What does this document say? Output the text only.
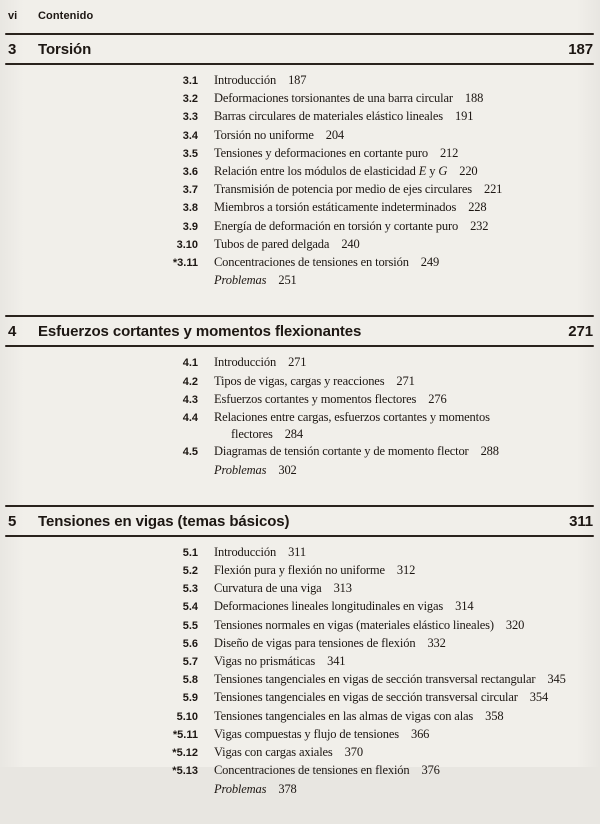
vi	Contenido
3	Torsión	187
3.1 Introducción 187
3.2 Deformaciones torsionantes de una barra circular 188
3.3 Barras circulares de materiales elástico lineales 191
3.4 Torsión no uniforme 204
3.5 Tensiones y deformaciones en cortante puro 212
3.6 Relación entre los módulos de elasticidad E y G 220
3.7 Transmisión de potencia por medio de ejes circulares 221
3.8 Miembros a torsión estáticamente indeterminados 228
3.9 Energía de deformación en torsión y cortante puro 232
3.10 Tubos de pared delgada 240
*3.11 Concentraciones de tensiones en torsión 249
Problemas 251
4	Esfuerzos cortantes y momentos flexionantes	271
4.1 Introducción 271
4.2 Tipos de vigas, cargas y reacciones 271
4.3 Esfuerzos cortantes y momentos flectores 276
4.4 Relaciones entre cargas, esfuerzos cortantes y momentos
flectores 284
4.5 Diagramas de tensión cortante y de momento flector 288
Problemas 302
5	Tensiones en vigas (temas básicos)	311
5.1 Introducción 311
5.2 Flexión pura y flexión no uniforme 312
5.3 Curvatura de una viga 313
5.4 Deformaciones lineales longitudinales en vigas 314
5.5 Tensiones normales en vigas (materiales elástico lineales) 320
5.6 Diseño de vigas para tensiones de flexión 332
5.7 Vigas no prismáticas 341
5.8 Tensiones tangenciales en vigas de sección transversal rectangular 345
5.9 Tensiones tangenciales en vigas de sección transversal circular 354
5.10 Tensiones tangenciales en las almas de vigas con alas 358
*5.11 Vigas compuestas y flujo de tensiones 366
*5.12 Vigas con cargas axiales 370
*5.13 Concentraciones de tensiones en flexión 376
Problemas 378
